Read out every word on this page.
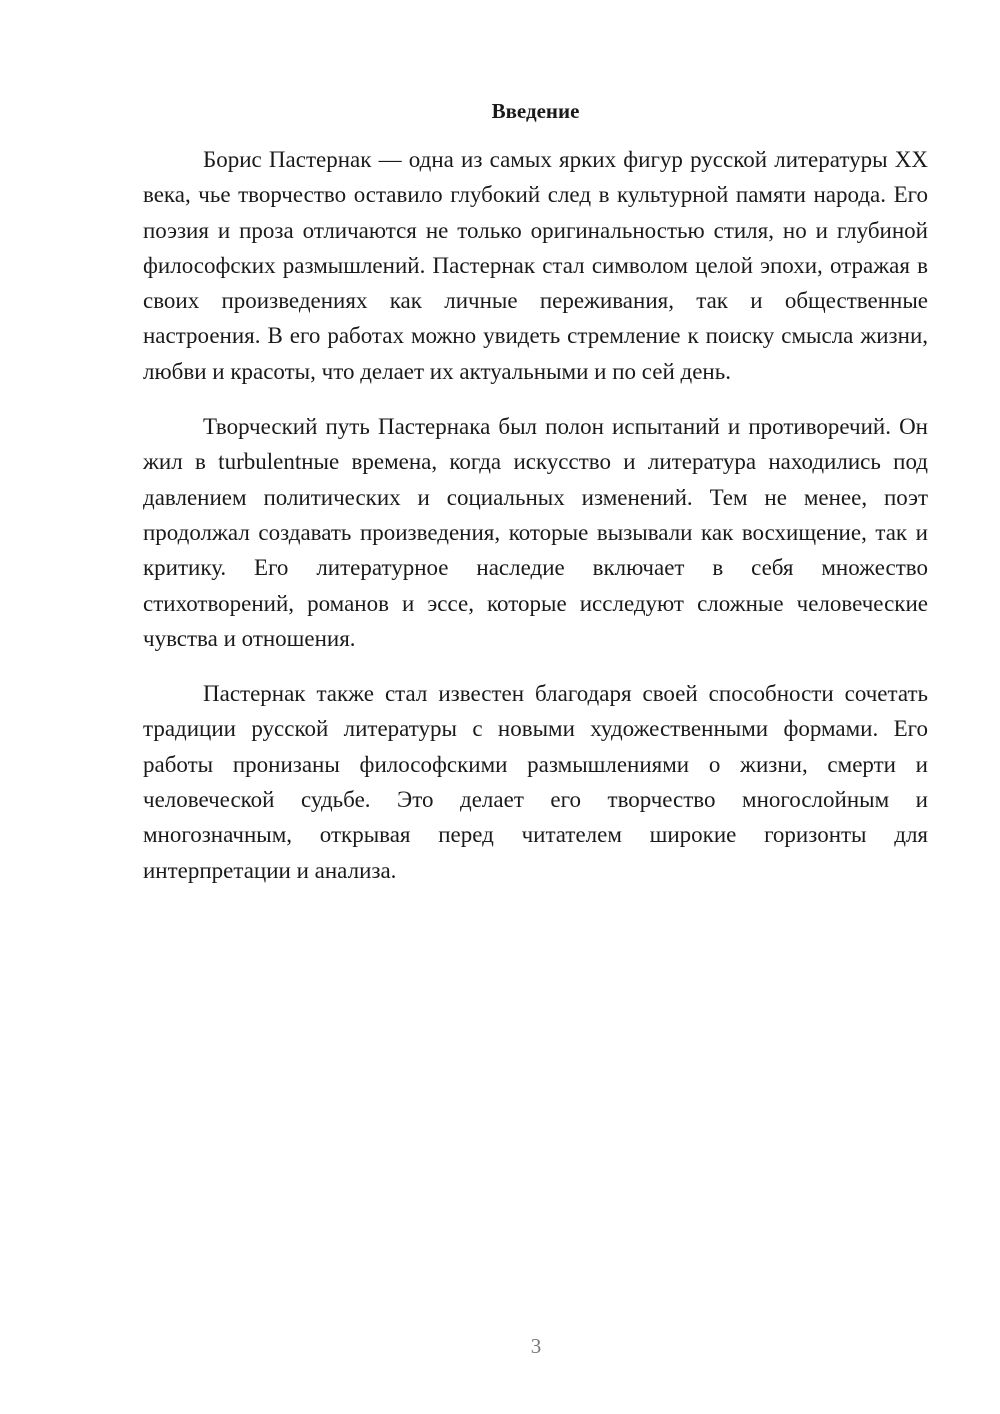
Введение

Борис Пастернак — одна из самых ярких фигур русской литературы XX века, чье творчество оставило глубокий след в культурной памяти народа. Его поэзия и проза отличаются не только оригинальностью стиля, но и глубиной философских размышлений. Пастернак стал символом целой эпохи, отражая в своих произведениях как личные переживания, так и общественные настроения. В его работах можно увидеть стремление к поиску смысла жизни, любви и красоты, что делает их актуальными и по сей день.

Творческий путь Пастернака был полон испытаний и противоречий. Он жил в turbulentные времена, когда искусство и литература находились под давлением политических и социальных изменений. Тем не менее, поэт продолжал создавать произведения, которые вызывали как восхищение, так и критику. Его литературное наследие включает в себя множество стихотворений, романов и эссе, которые исследуют сложные человеческие чувства и отношения.

Пастернак также стал известен благодаря своей способности сочетать традиции русской литературы с новыми художественными формами. Его работы пронизаны философскими размышлениями о жизни, смерти и человеческой судьбе. Это делает его творчество многослойным и многозначным, открывая перед читателем широкие горизонты для интерпретации и анализа.

3
